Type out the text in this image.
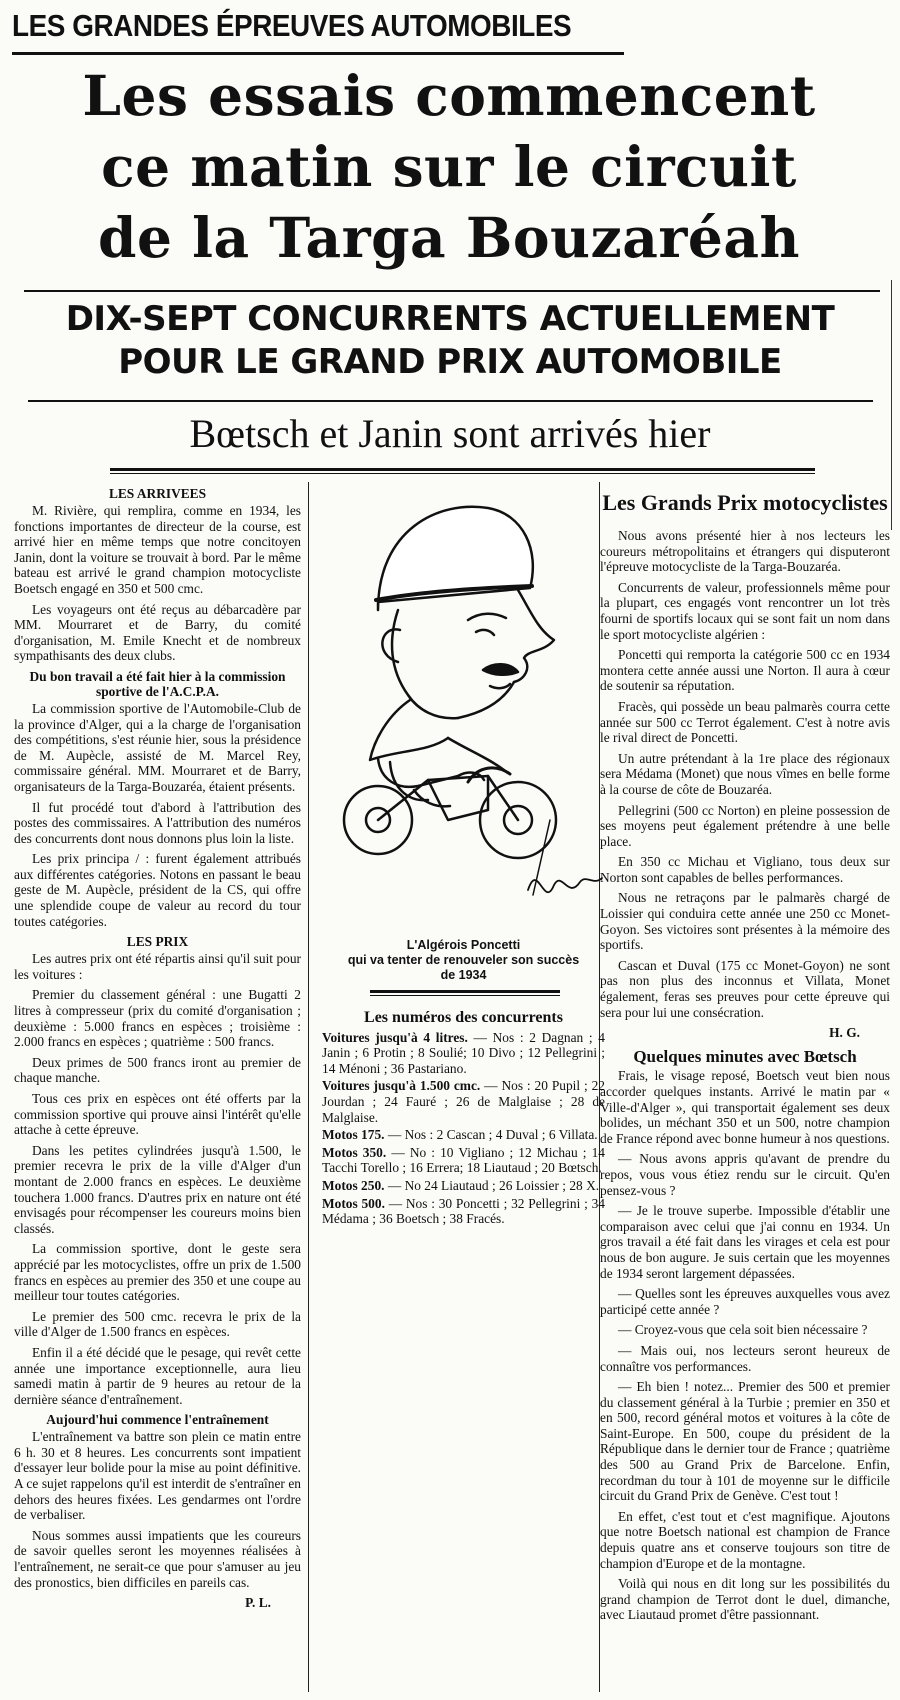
LES GRANDES ÉPREUVES AUTOMOBILES
Les essais commencent
ce matin sur le circuit
de la Targa Bouzaréah
DIX-SEPT CONCURRENTS ACTUELLEMENT
POUR LE GRAND PRIX AUTOMOBILE
Bœtsch et Janin sont arrivés hier
LES ARRIVEES

M. Rivière, qui remplira, comme en 1934, les fonctions importantes de directeur de la course, est arrivé hier en même temps que notre concitoyen Janin, dont la voiture se trouvait à bord. Par le même bateau est arrivé le grand champion motocycliste Boetsch engagé en 350 et 500 cmc.

Les voyageurs ont été reçus au débarcadère par MM. Mourraret et de Barry, du comité d'organisation, M. Emile Knecht et de nombreux sympathisants des deux clubs.

Du bon travail a été fait hier à la commission sportive de l'A.C.P.A.

La commission sportive de l'Automobile-Club de la province d'Alger, qui a la charge de l'organisation des compétitions, s'est réunie hier, sous la présidence de M. Aupècle, assisté de M. Marcel Rey, commissaire général. MM. Mourraret et de Barry, organisateurs de la Targa-Bouzaréa, étaient présents.

Il fut procédé tout d'abord à l'attribution des postes des commissaires. A l'attribution des numéros des concurrents dont nous donnons plus loin la liste.

Les prix principa / : furent également attribués aux différentes catégories. Notons en passant le beau geste de M. Aupècle, président de la CS, qui offre une splendide coupe de valeur au record du tour toutes catégories.

LES PRIX

Les autres prix ont été répartis ainsi qu'il suit pour les voitures :

Premier du classement général : une Bugatti 2 litres à compresseur (prix du comité d'organisation ; deuxième : 5.000 francs en espèces ; troisième : 2.000 francs en espèces ; quatrième : 500 francs.

Deux primes de 500 francs iront au premier de chaque manche.

Tous ces prix en espèces ont été offerts par la commission sportive qui prouve ainsi l'intérêt qu'elle attache à cette épreuve.

Dans les petites cylindrées jusqu'à 1.500, le premier recevra le prix de la ville d'Alger d'un montant de 2.000 francs en espèces. Le deuxième touchera 1.000 francs. D'autres prix en nature ont été envisagés pour récompenser les coureurs moins bien classés.

La commission sportive, dont le geste sera apprécié par les motocyclistes, offre un prix de 1.500 francs en espèces au premier des 350 et une coupe au meilleur tour toutes catégories.

Le premier des 500 cmc. recevra le prix de la ville d'Alger de 1.500 francs en espèces.

Enfin il a été décidé que le pesage, qui revêt cette année une importance exceptionnelle, aura lieu samedi matin à partir de 9 heures au retour de la dernière séance d'entraînement.

Aujourd'hui commence l'entraînement

L'entraînement va battre son plein ce matin entre 6 h. 30 et 8 heures. Les concurrents sont impatient d'essayer leur bolide pour la mise au point définitive. A ce sujet rappelons qu'il est interdit de s'entraîner en dehors des heures fixées. Les gendarmes ont l'ordre de verbaliser.

Nous sommes aussi impatients que les coureurs de savoir quelles seront les moyennes réalisées à l'entraînement, ne serait-ce que pour s'amuser au jeu des pronostics, bien difficiles en pareils cas.

P. L.

L'Algérois Poncetti
qui va tenter de renouveler son succès
de 1934
Les numéros des concurrents

Voitures jusqu'à 4 litres. — Nos : 2 Dagnan ; 4 Janin ; 6 Protin ; 8 Soulié; 10 Divo ; 12 Pellegrini ; 14 Ménoni ; 36 Pastariano.

Voitures jusqu'à 1.500 cmc. — Nos : 20 Pupil ; 22 Jourdan ; 24 Fauré ; 26 de Malglaise ; 28 de Malglaise.

Motos 175. — Nos : 2 Cascan ; 4 Duval ; 6 Villata.

Motos 350. — No : 10 Vigliano ; 12 Michau ; 14 Tacchi Torello ; 16 Errera; 18 Liautaud ; 20 Bœtsch.

Motos 250. — No 24 Liautaud ; 26 Loissier ; 28 X.

Motos 500. — Nos : 30 Poncetti ; 32 Pellegrini ; 34 Médama ; 36 Boetsch ; 38 Fracés.

Les Grands Prix motocyclistes

Nous avons présenté hier à nos lecteurs les coureurs métropolitains et étrangers qui disputeront l'épreuve motocycliste de la Targa-Bouzaréa.

Concurrents de valeur, professionnels même pour la plupart, ces engagés vont rencontrer un lot très fourni de sportifs locaux qui se sont fait un nom dans le sport motocycliste algérien :

Poncetti qui remporta la catégorie 500 cc en 1934 montera cette année aussi une Norton. Il aura à cœur de soutenir sa réputation.

Fracès, qui possède un beau palmarès courra cette année sur 500 cc Terrot également. C'est à notre avis le rival direct de Poncetti.

Un autre prétendant à la 1re place des régionaux sera Médama (Monet) que nous vîmes en belle forme à la course de côte de Bouzaréa.

Pellegrini (500 cc Norton) en pleine possession de ses moyens peut également prétendre à une belle place.

En 350 cc Michau et Vigliano, tous deux sur Norton sont capables de belles performances.

Nous ne retraçons par le palmarès chargé de Loissier qui conduira cette année une 250 cc Monet-Goyon. Ses victoires sont présentes à la mémoire des sportifs.

Cascan et Duval (175 cc Monet-Goyon) ne sont pas non plus des inconnus et Villata, Monet également, feras ses preuves pour cette épreuve qui sera pour lui une consécration.

H. G.

Quelques minutes avec Bœtsch

Frais, le visage reposé, Boetsch veut bien nous accorder quelques instants. Arrivé le matin par « Ville-d'Alger », qui transportait également ses deux bolides, un méchant 350 et un 500, notre champion de France répond avec bonne humeur à nos questions.

— Nous avons appris qu'avant de prendre du repos, vous vous étiez rendu sur le circuit. Qu'en pensez-vous ?

— Je le trouve superbe. Impossible d'établir une comparaison avec celui que j'ai connu en 1934. Un gros travail a été fait dans les virages et cela est pour nous de bon augure. Je suis certain que les moyennes de 1934 seront largement dépassées.

— Quelles sont les épreuves auxquelles vous avez participé cette année ?

— Croyez-vous que cela soit bien nécessaire ?

— Mais oui, nos lecteurs seront heureux de connaître vos performances.

— Eh bien ! notez... Premier des 500 et premier du classement général à la Turbie ; premier en 350 et en 500, record général motos et voitures à la côte de Saint-Europe. En 500, coupe du président de la République dans le dernier tour de France ; quatrième des 500 au Grand Prix de Barcelone. Enfin, recordman du tour à 101 de moyenne sur le difficile circuit du Grand Prix de Genève. C'est tout !

En effet, c'est tout et c'est magnifique. Ajoutons que notre Boetsch national est champion de France depuis quatre ans et conserve toujours son titre de champion d'Europe et de la montagne.

Voilà qui nous en dit long sur les possibilités du grand champion de Terrot dont le duel, dimanche, avec Liautaud promet d'être passionnant.
